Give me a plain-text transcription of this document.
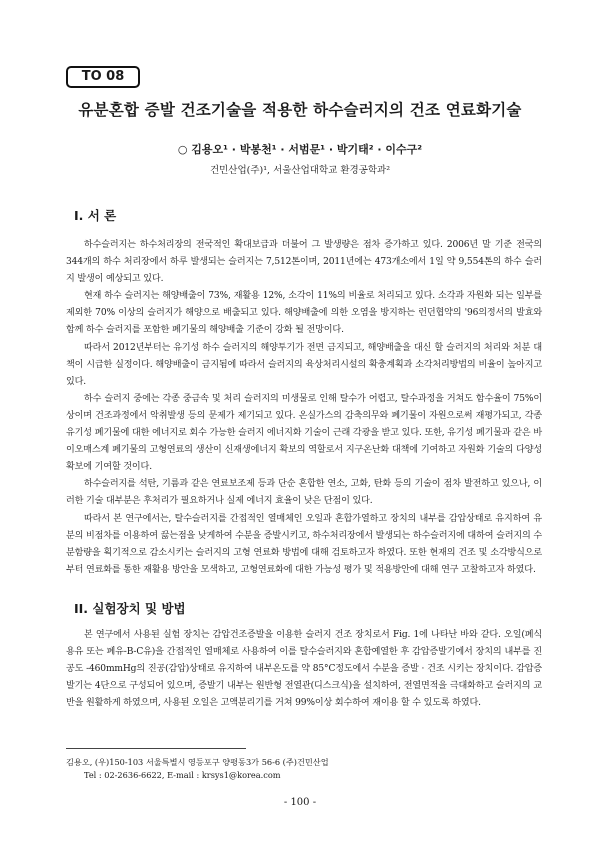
TO 08
유분혼합 증발 건조기술을 적용한 하수슬러지의 건조 연료화기술
○ 김용오¹ · 박봉천¹ · 서범문¹ · 박기태² · 이수구²
건민산업(주)¹, 서울산업대학교 환경공학과²
I. 서 론

하수슬러지는 하수처리장의 전국적인 확대보급과 더불어 그 발생량은 점차 증가하고 있다. 2006년 말 기준 전국의 344개의 하수 처리장에서 하루 발생되는 슬러지는 7,512톤이며, 2011년에는 473개소에서 1일 약 9,554톤의 하수 슬러지 발생이 예상되고 있다.

현재 하수 슬러지는 해양배출이 73%, 재활용 12%, 소각이 11%의 비율로 처리되고 있다. 소각과 자원화 되는 일부를 제외한 70% 이상의 슬러지가 해양으로 배출되고 있다. 해양배출에 의한 오염을 방지하는 런던협약의 '96의정서의 발효와 함께 하수 슬러지를 포함한 폐기물의 해양배출 기준이 강화 될 전망이다.

따라서 2012년부터는 유기성 하수 슬러지의 해양투기가 전면 금지되고, 해양배출을 대신 할 슬러지의 처리와 처분 대책이 시급한 실정이다. 해양배출이 금지됨에 따라서 슬러지의 육상처리시설의 확충계획과 소각처리방법의 비율이 높아지고 있다.

하수 슬러지 중에는 각종 중금속 및 처리 슬러지의 미생물로 인해 탈수가 어렵고, 탈수과정을 거쳐도 함수율이 75%이상이며 건조과정에서 악취발생 등의 문제가 제기되고 있다. 온실가스의 감축의무와 폐기물이 자원으로써 재평가되고, 각종 유기성 폐기물에 대한 에너지로 회수 가능한 슬러지 에너지화 기술이 근래 각광을 받고 있다. 또한, 유기성 폐기물과 같은 바이오매스계 폐기물의 고형연료의 생산이 신재생에너지 확보의 역할로서 지구온난화 대책에 기여하고 자원화 기술의 다양성 확보에 기여할 것이다.

하수슬러지를 석탄, 기름과 같은 연료보조제 등과 단순 혼합한 연소, 고화, 탄화 등의 기술이 점차 발전하고 있으나, 이러한 기술 대부분은 후처리가 필요하거나 실제 에너지 효율이 낮은 단점이 있다.

따라서 본 연구에서는, 탈수슬러지를 간접적인 열매체인 오일과 혼합가열하고 장치의 내부를 감압상태로 유지하여 유분의 비점차를 이용하여 끓는점을 낮게하여 수분을 증발시키고, 하수처리장에서 발생되는 하수슬러지에 대하여 슬러지의 수분함량을 획기적으로 감소시키는 슬러지의 고형 연료화 방법에 대해 검토하고자 하였다. 또한 현재의 건조 및 소각방식으로부터 연료화를 통한 재활용 방안을 모색하고, 고형연료화에 대한 가능성 평가 및 적용방안에 대해 연구 고찰하고자 하였다.

II. 실험장치 및 방법

본 연구에서 사용된 실험 장치는 감압건조증발을 이용한 슬러지 건조 장치로서 Fig. 1에 나타난 바와 같다. 오일(폐식용유 또는 폐유-B-C유)을 간접적인 열매체로 사용하여 이를 탈수슬러지와 혼합예열한 후 감압증발기에서 장치의 내부를 진공도 -460mmHg의 진공(감압)상태로 유지하여 내부온도를 약 85°C정도에서 수분을 증발 · 건조 시키는 장치이다. 감압증발기는 4단으로 구성되어 있으며, 증발기 내부는 원반형 전열관(디스크식)을 설치하여, 전열면적을 극대화하고 슬러지의 교반을 원활하게 하였으며, 사용된 오일은 고액분리기를 거쳐 99%이상 회수하여 재이용 할 수 있도록 하였다.

김용오, (우)150-103 서울특별시 영등포구 양평동3가 56-6 (주)건민산업
Tel : 02-2636-6622, E-mail : krsys1@korea.com
- 100 -
